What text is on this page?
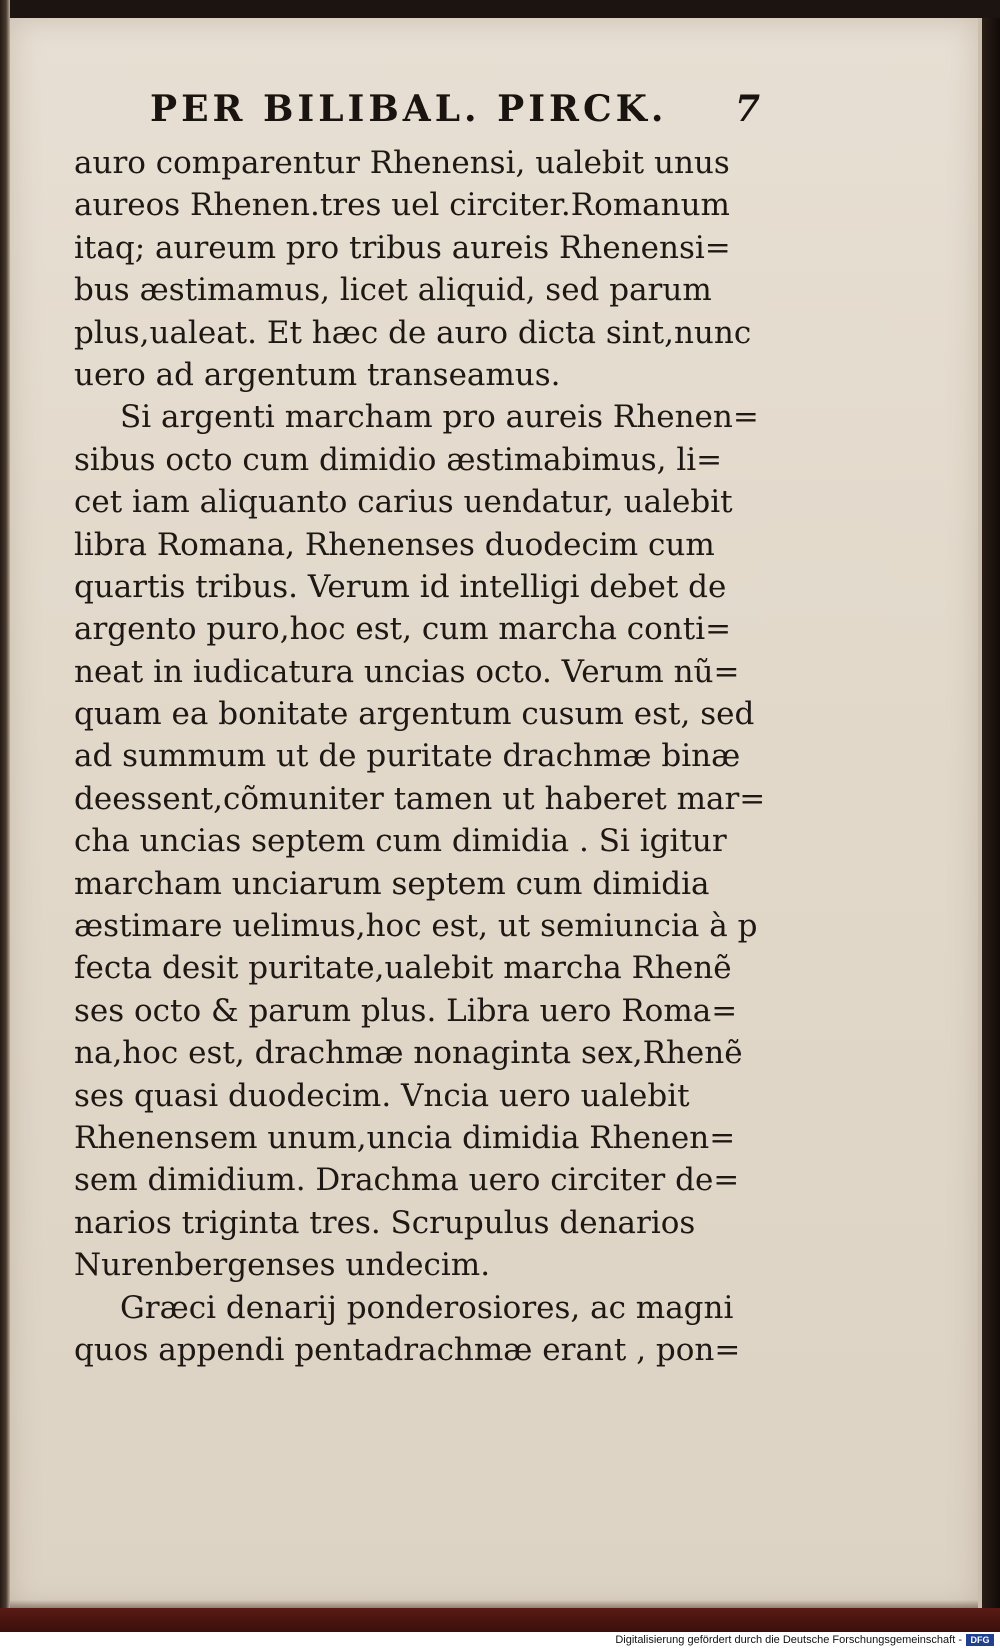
PER BILIBAL. PIRCK. 7
auro comparentur Rhenensi, ualebit unus
aureos Rhenen.tres uel circiter.Romanum
itaq; aureum pro tribus aureis Rhenensi=
bus æstimamus, licet aliquid, sed parum
plus,ualeat. Et hæc de auro dicta sint,nunc
uero ad argentum transeamus.
Si argenti marcham pro aureis Rhenen=
sibus octo cum dimidio æstimabimus, li=
cet iam aliquanto carius uendatur, ualebit
libra Romana, Rhenenses duodecim cum
quartis tribus. Verum id intelligi debet de
argento puro,hoc est, cum marcha conti=
neat in iudicatura uncias octo. Verum nũ=
quam ea bonitate argentum cusum est, sed
ad summum ut de puritate drachmæ binæ
deessent,cõmuniter tamen ut haberet mar=
cha uncias septem cum dimidia . Si igitur
marcham unciarum septem cum dimidia
æstimare uelimus,hoc est, ut semiuncia à p
fecta desit puritate,ualebit marcha Rhenẽ
ses octo & parum plus. Libra uero Roma=
na,hoc est, drachmæ nonaginta sex,Rhenẽ
ses quasi duodecim. Vncia uero ualebit
Rhenensem unum,uncia dimidia Rhenen=
sem dimidium. Drachma uero circiter de=
narios triginta tres. Scrupulus denarios
Nurenbergenses undecim.
Græci denarij ponderosiores, ac magni
quos appendi pentadrachmæ erant , pon=
Digitalisierung gefördert durch die Deutsche Forschungsgemeinschaft - DFG
